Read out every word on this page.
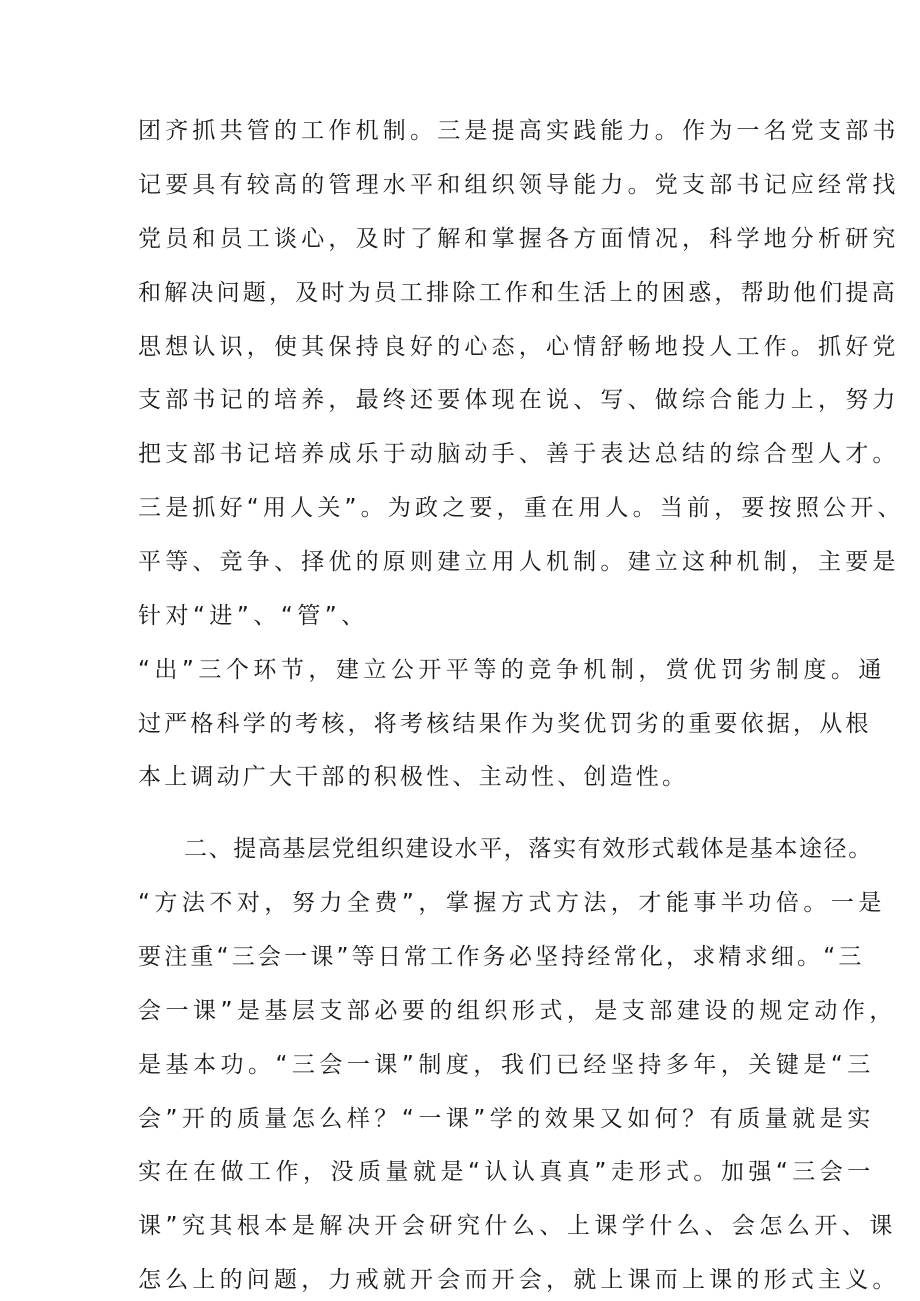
团齐抓共管的工作机制。三是提高实践能力。作为一名党支部书
记要具有较高的管理水平和组织领导能力。党支部书记应经常找
党员和员工谈心，及时了解和掌握各方面情况，科学地分析研究
和解决问题，及时为员工排除工作和生活上的困惑，帮助他们提高
思想认识，使其保持良好的心态，心情舒畅地投人工作。抓好党
支部书记的培养，最终还要体现在说、写、做综合能力上，努力
把支部书记培养成乐于动脑动手、善于表达总结的综合型人才。
三是抓好“用人关”。为政之要，重在用人。当前，要按照公开、
平等、竞争、择优的原则建立用人机制。建立这种机制，主要是
针对“进”、“管”、
“出”三个环节，建立公开平等的竞争机制，赏优罚劣制度。通
过严格科学的考核，将考核结果作为奖优罚劣的重要依据，从根
本上调动广大干部的积极性、主动性、创造性。
二、提高基层党组织建设水平，落实有效形式载体是基本途径。
“方法不对，努力全费”，掌握方式方法，才能事半功倍。一是
要注重“三会一课”等日常工作务必坚持经常化，求精求细。“三
会一课”是基层支部必要的组织形式，是支部建设的规定动作，
是基本功。“三会一课”制度，我们已经坚持多年，关键是“三
会”开的质量怎么样？“一课”学的效果又如何？有质量就是实
实在在做工作，没质量就是“认认真真”走形式。加强“三会一
课”究其根本是解决开会研究什么、上课学什么、会怎么开、课
怎么上的问题，力戒就开会而开会，就上课而上课的形式主义。
